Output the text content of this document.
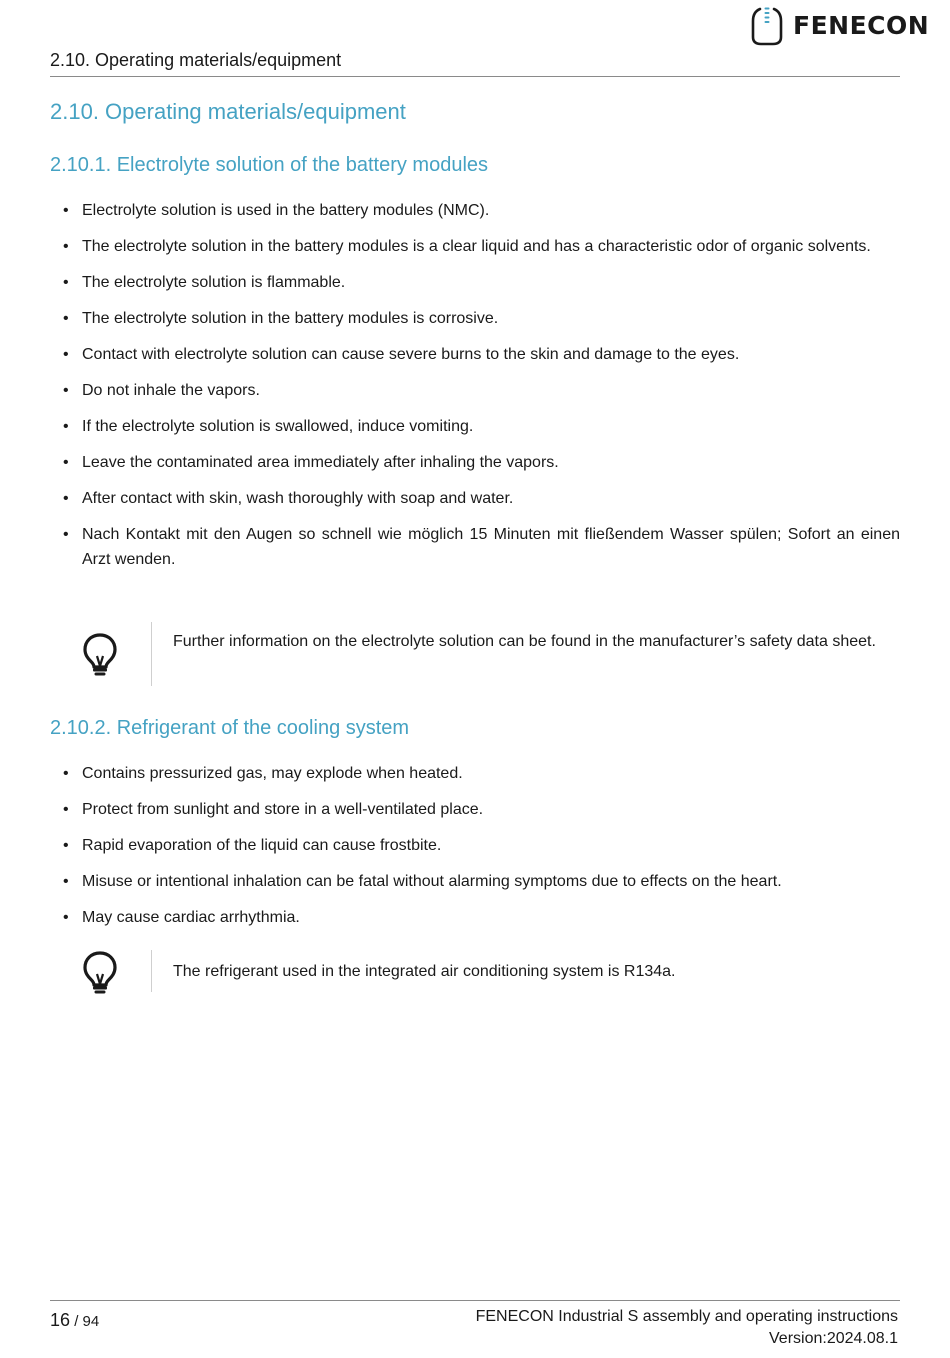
FENECON
2.10. Operating materials/equipment
2.10. Operating materials/equipment
2.10.1. Electrolyte solution of the battery modules
• Electrolyte solution is used in the battery modules (NMC).
• The electrolyte solution in the battery modules is a clear liquid and has a characteristic odor of organic solvents.
• The electrolyte solution is flammable.
• The electrolyte solution in the battery modules is corrosive.
• Contact with electrolyte solution can cause severe burns to the skin and damage to the eyes.
• Do not inhale the vapors.
• If the electrolyte solution is swallowed, induce vomiting.
• Leave the contaminated area immediately after inhaling the vapors.
• After contact with skin, wash thoroughly with soap and water.
• Nach Kontakt mit den Augen so schnell wie möglich 15 Minuten mit fließendem Wasser spülen; Sofort an einen Arzt wenden.
Further information on the electrolyte solution can be found in the manufacturer’s safety data sheet.
2.10.2. Refrigerant of the cooling system
• Contains pressurized gas, may explode when heated.
• Protect from sunlight and store in a well-ventilated place.
• Rapid evaporation of the liquid can cause frostbite.
• Misuse or intentional inhalation can be fatal without alarming symptoms due to effects on the heart.
• May cause cardiac arrhythmia.
The refrigerant used in the integrated air conditioning system is R134a.
16 / 94	FENECON Industrial S assembly and operating instructions
Version:2024.08.1
